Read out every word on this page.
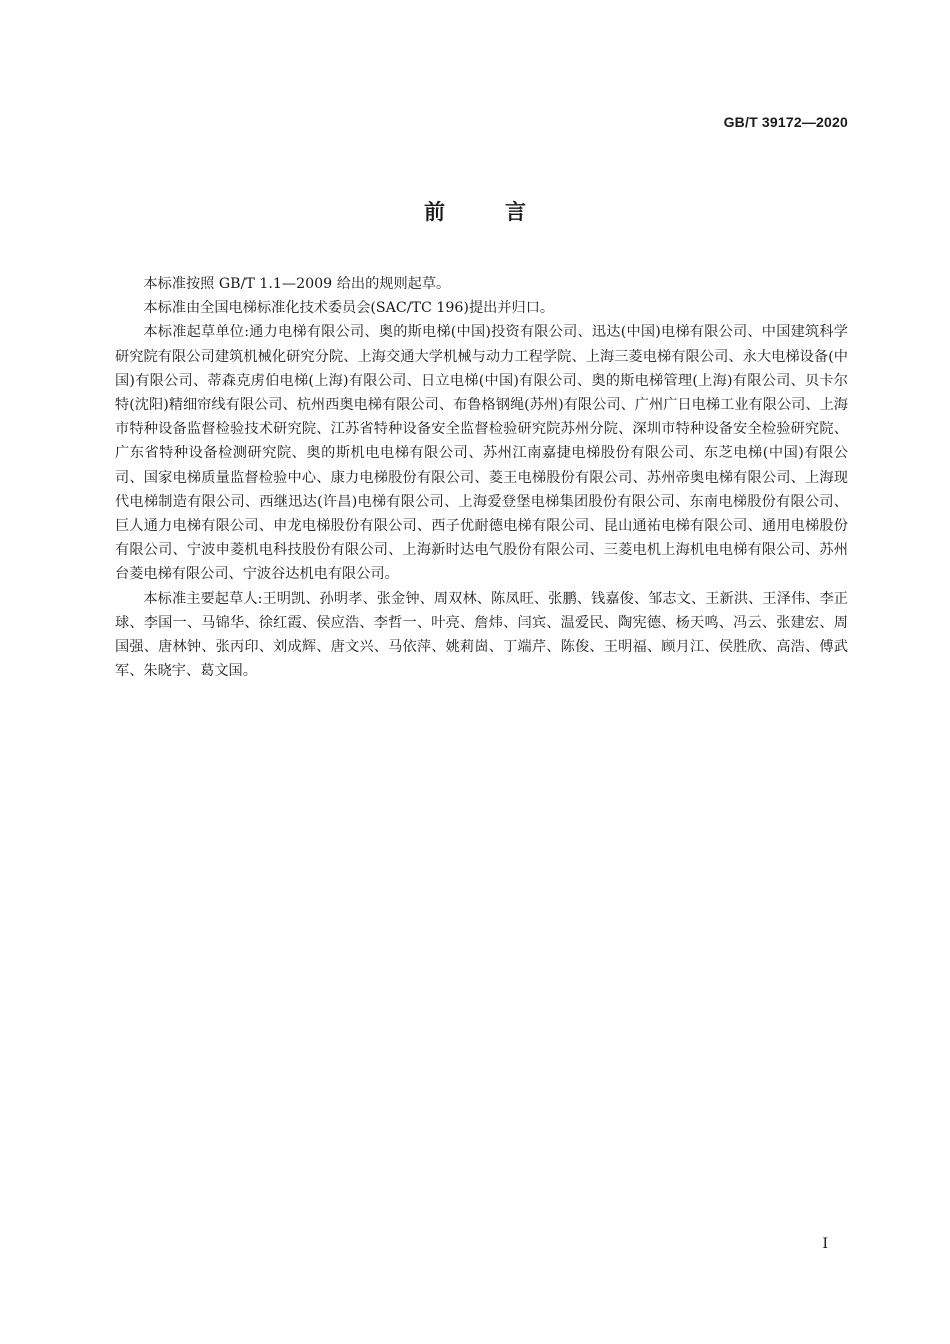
GB/T 39172—2020
前言

本标准按照 GB/T 1.1—2009 给出的规则起草。

本标准由全国电梯标准化技术委员会(SAC/TC 196)提出并归口。

本标准起草单位:通力电梯有限公司、奥的斯电梯(中国)投资有限公司、迅达(中国)电梯有限公司、中国建筑科学研究院有限公司建筑机械化研究分院、上海交通大学机械与动力工程学院、上海三菱电梯有限公司、永大电梯设备(中国)有限公司、蒂森克虏伯电梯(上海)有限公司、日立电梯(中国)有限公司、奥的斯电梯管理(上海)有限公司、贝卡尔特(沈阳)精细帘线有限公司、杭州西奥电梯有限公司、布鲁格钢绳(苏州)有限公司、广州广日电梯工业有限公司、上海市特种设备监督检验技术研究院、江苏省特种设备安全监督检验研究院苏州分院、深圳市特种设备安全检验研究院、广东省特种设备检测研究院、奥的斯机电电梯有限公司、苏州江南嘉捷电梯股份有限公司、东芝电梯(中国)有限公司、国家电梯质量监督检验中心、康力电梯股份有限公司、菱王电梯股份有限公司、苏州帝奥电梯有限公司、上海现代电梯制造有限公司、西继迅达(许昌)电梯有限公司、上海爱登堡电梯集团股份有限公司、东南电梯股份有限公司、巨人通力电梯有限公司、申龙电梯股份有限公司、西子优耐德电梯有限公司、昆山通祐电梯有限公司、通用电梯股份有限公司、宁波申菱机电科技股份有限公司、上海新时达电气股份有限公司、三菱电机上海机电电梯有限公司、苏州台菱电梯有限公司、宁波谷达机电有限公司。

本标准主要起草人:王明凯、孙明孝、张金钟、周双林、陈凤旺、张鹏、钱嘉俊、邹志文、王新洪、王泽伟、李正球、李国一、马锦华、徐红霞、侯应浩、李哲一、叶亮、詹炜、闫宾、温爱民、陶宪德、杨天鸣、冯云、张建宏、周国强、唐林钟、张丙印、刘成辉、唐文兴、马依萍、姚莉崮、丁端芹、陈俊、王明福、顾月江、侯胜欣、高浩、傅武军、朱晓宇、葛文国。

I
